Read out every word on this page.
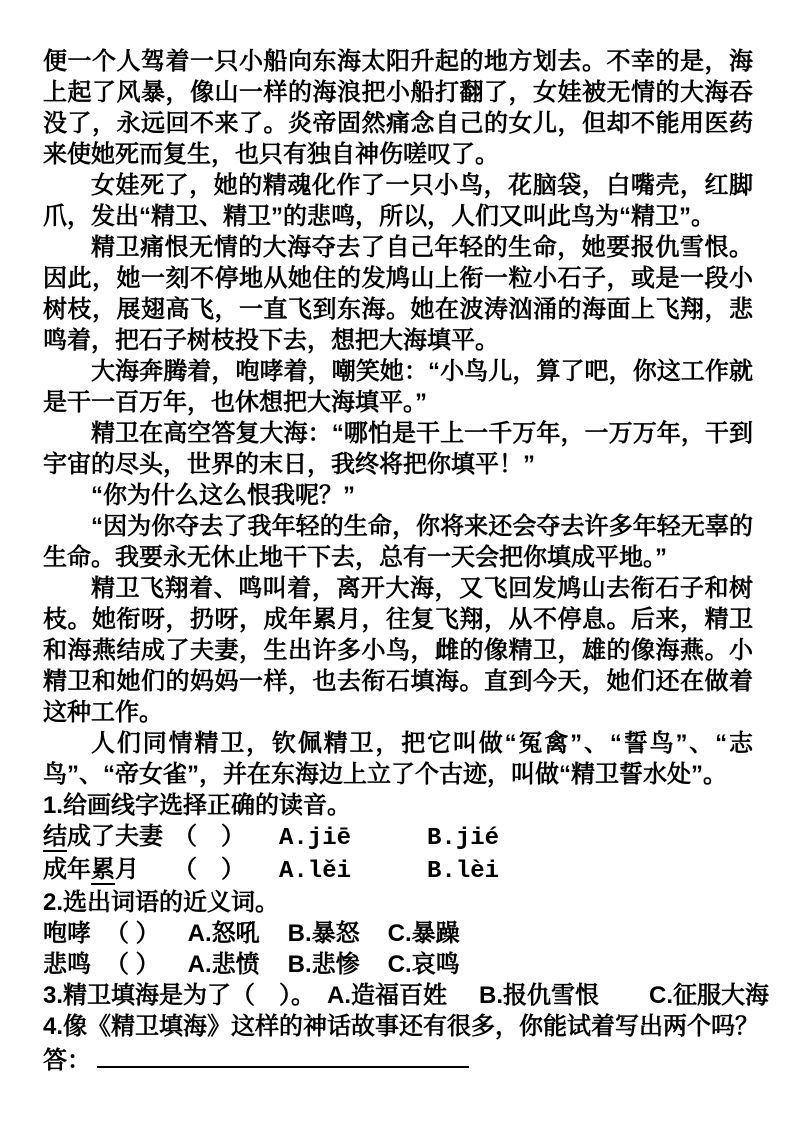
便一个人驾着一只小船向东海太阳升起的地方划去。不幸的是，海上起了风暴，像山一样的海浪把小船打翻了，女娃被无情的大海吞没了，永远回不来了。炎帝固然痛念自己的女儿，但却不能用医药来使她死而复生，也只有独自神伤嗟叹了。

女娃死了，她的精魂化作了一只小鸟，花脑袋，白嘴壳，红脚爪，发出“精卫、精卫”的悲鸣，所以，人们又叫此鸟为“精卫”。

精卫痛恨无情的大海夺去了自己年轻的生命，她要报仇雪恨。因此，她一刻不停地从她住的发鸠山上衔一粒小石子，或是一段小树枝，展翅高飞，一直飞到东海。她在波涛汹涌的海面上飞翔，悲鸣着，把石子树枝投下去，想把大海填平。

大海奔腾着，咆哮着，嘲笑她：“小鸟儿，算了吧，你这工作就是干一百万年，也休想把大海填平。”

精卫在高空答复大海：“哪怕是干上一千万年，一万万年，干到宇宙的尽头，世界的末日，我终将把你填平！”

“你为什么这么恨我呢？”

“因为你夺去了我年轻的生命，你将来还会夺去许多年轻无辜的生命。我要永无休止地干下去，总有一天会把你填成平地。”

精卫飞翔着、鸣叫着，离开大海，又飞回发鸠山去衔石子和树枝。她衔呀，扔呀，成年累月，往复飞翔，从不停息。后来，精卫和海燕结成了夫妻，生出许多小鸟，雌的像精卫，雄的像海燕。小精卫和她们的妈妈一样，也去衔石填海。直到今天，她们还在做着这种工作。

人们同情精卫，钦佩精卫，把它叫做“冤禽”、“誓鸟”、“志鸟”、“帝女雀”，并在东海边上立了个古迹，叫做“精卫誓水处”。

1.给画线字选择正确的读音。

结成了夫妻 （　） A.jiē	B.jié

成年累月 （　） A.lěi	B.lèi

2.选出词语的近义词。

咆哮 （ ） A.怒吼 B.暴怒 C.暴躁

悲鸣 （ ） A.悲愤 B.悲惨 C.哀鸣

3.精卫填海是为了（　）。 A.造福百姓 B.报仇雪恨 C.征服大海

4.像《精卫填海》这样的神话故事还有很多，你能试着写出两个吗？

答：
